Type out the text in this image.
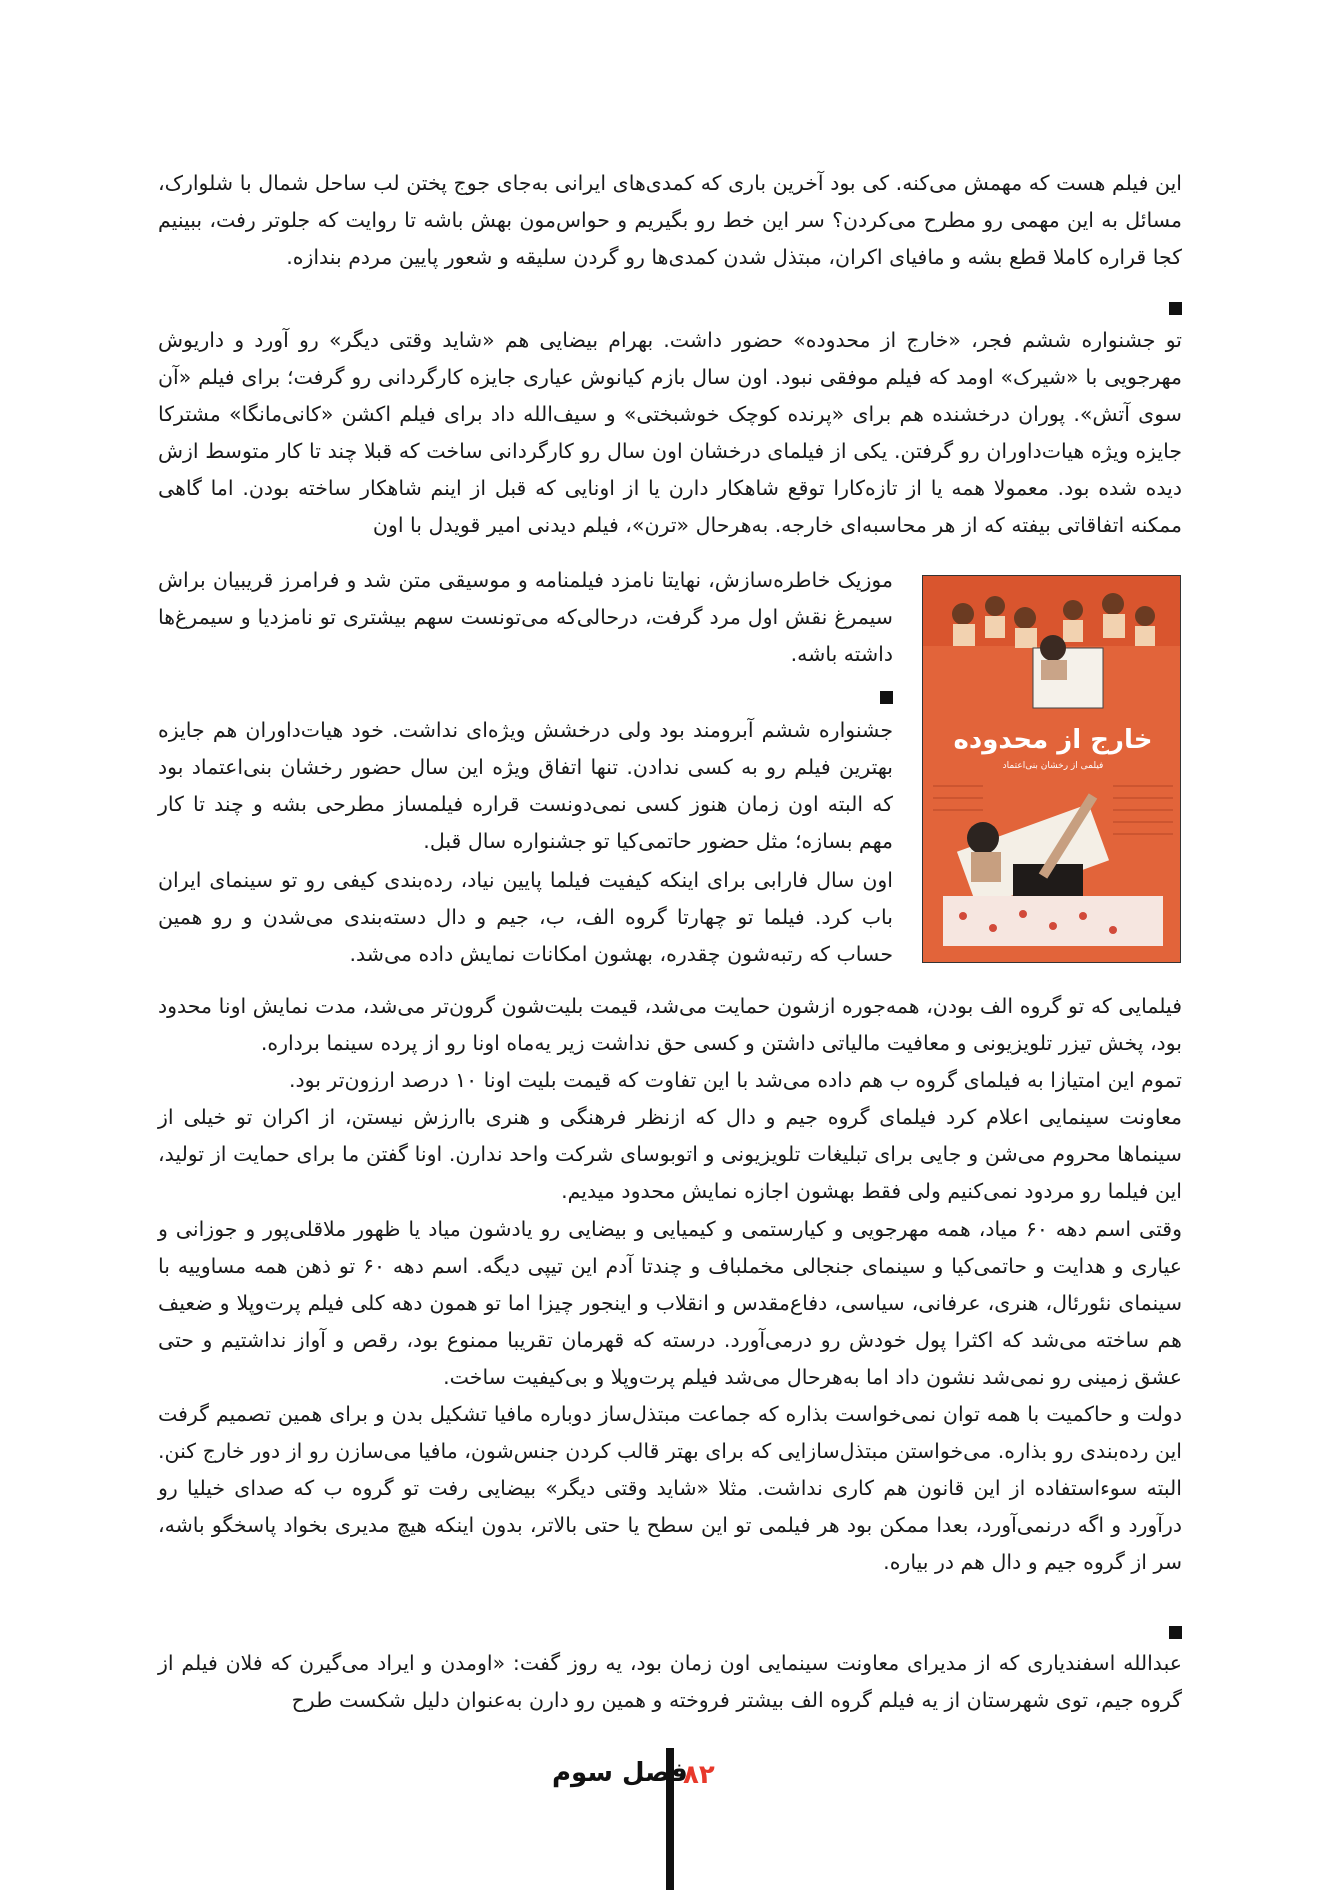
این فیلم هست که مهمش می‌کنه. کی بود آخرین باری که کمدی‌های ایرانی به‌جای جوج پختن لب ساحل شمال با شلوارک، مسائل به این مهمی رو مطرح می‌کردن؟ سر این خط رو بگیریم و حواس‌مون بهش باشه تا روایت که جلوتر رفت، ببینیم کجا قراره کاملا قطع بشه و مافیای اکران، مبتذل شدن کمدی‌ها رو گردن سلیقه و شعور پایین مردم بندازه.

تو جشنواره ششم فجر، «خارج از محدوده» حضور داشت. بهرام بیضایی هم «شاید وقتی دیگر» رو آورد و داریوش مهرجویی با «شیرک» اومد که فیلم موفقی نبود. اون سال بازم کیانوش عیاری جایزه کارگردانی رو گرفت؛ برای فیلم «آن سوی آتش». پوران درخشنده هم برای «پرنده کوچک خوشبختی» و سیف‌الله داد برای فیلم اکشن «کانی‌مانگا» مشترکا جایزه ویژه هیات‌داوران رو گرفتن. یکی از فیلمای درخشان اون سال رو کارگردانی ساخت که قبلا چند تا کار متوسط ازش دیده شده بود. معمولا همه یا از تازه‌کارا توقع شاهکار دارن یا از اونایی که قبل از اینم شاهکار ساخته بودن. اما گاهی ممکنه اتفاقاتی بیفته که از هر محاسبه‌ای خارجه. به‌هرحال «ترن»، فیلم دیدنی امیر قویدل با اون

موزیک خاطره‌سازش، نهایتا نامزد فیلمنامه و موسیقی متن شد و فرامرز قریبیان براش سیمرغ نقش اول مرد گرفت، درحالی‌که می‌تونست سهم بیشتری تو نامزدیا و سیمرغ‌ها داشته باشه.

جشنواره ششم آبرومند بود ولی درخشش ویژه‌ای نداشت. خود هیات‌داوران هم جایزه بهترین فیلم رو به کسی ندادن. تنها اتفاق ویژه این سال حضور رخشان بنی‌اعتماد بود که البته اون زمان هنوز کسی نمی‌دونست قراره فیلمساز مطرحی بشه و چند تا کار مهم بسازه؛ مثل حضور حاتمی‌کیا تو جشنواره سال قبل.

اون سال فارابی برای اینکه کیفیت فیلما پایین نیاد، رده‌بندی کیفی رو تو سینمای ایران باب کرد. فیلما تو چهارتا گروه الف، ب، جیم و دال دسته‌بندی می‌شدن و رو همین حساب که رتبه‌شون چقدره، بهشون امکانات نمایش داده می‌شد.

فیلمایی که تو گروه الف بودن، همه‌جوره ازشون حمایت می‌شد، قیمت بلیت‌شون گرون‌تر می‌شد، مدت نمایش اونا محدود بود، پخش تیزر تلویزیونی و معافیت مالیاتی داشتن و کسی حق نداشت زیر یه‌ماه اونا رو از پرده سینما برداره.

تموم این امتیازا به فیلمای گروه ب هم داده می‌شد با این تفاوت که قیمت بلیت اونا ۱۰ درصد ارزون‌تر بود.

معاونت سینمایی اعلام کرد فیلمای گروه جیم و دال که ازنظر فرهنگی و هنری باارزش نیستن، از اکران تو خیلی از سینماها محروم می‌شن و جایی برای تبلیغات تلویزیونی و اتوبوسای شرکت واحد ندارن. اونا گفتن ما برای حمایت از تولید، این فیلما رو مردود نمی‌کنیم ولی فقط بهشون اجازه نمایش محدود میدیم.

وقتی اسم دهه ۶۰ میاد، همه مهرجویی و کیارستمی و کیمیایی و بیضایی رو یادشون میاد یا ظهور ملاقلی‌پور و جوزانی و عیاری و هدایت و حاتمی‌کیا و سینمای جنجالی مخملباف و چندتا آدم این تیپی دیگه. اسم دهه ۶۰ تو ذهن همه مساوییه با سینمای نئورئال، هنری، عرفانی، سیاسی، دفاع‌مقدس و انقلاب و اینجور چیزا اما تو همون دهه کلی فیلم پرت‌وپلا و ضعیف هم ساخته می‌شد که اکثرا پول خودش رو درمی‌آورد. درسته که قهرمان تقریبا ممنوع بود، رقص و آواز نداشتیم و حتی عشق زمینی رو نمی‌شد نشون داد اما به‌هرحال می‌شد فیلم پرت‌وپلا و بی‌کیفیت ساخت.

دولت و حاکمیت با همه توان نمی‌خواست بذاره که جماعت مبتذل‌ساز دوباره مافیا تشکیل بدن و برای همین تصمیم گرفت این رده‌بندی رو بذاره. می‌خواستن مبتذل‌سازایی که برای بهتر قالب کردن جنس‌شون، مافیا می‌سازن رو از دور خارج کنن. البته سوءاستفاده از این قانون هم کاری نداشت. مثلا «شاید وقتی دیگر» بیضایی رفت تو گروه ب که صدای خیلیا رو درآورد و اگه درنمی‌آورد، بعدا ممکن بود هر فیلمی تو این سطح یا حتی بالاتر، بدون اینکه هیچ مدیری بخواد پاسخگو باشه، سر از گروه جیم و دال هم در بیاره.

عبدالله اسفندیاری که از مدیرای معاونت سینمایی اون زمان بود، یه روز گفت: «اومدن و ایراد می‌گیرن که فلان فیلم از گروه جیم، توی شهرستان از یه فیلم گروه الف بیشتر فروخته و همین رو دارن به‌عنوان دلیل شکست طرح

خارج از محدوده
فیلمی از رخشان بنی‌اعتماد
۸۲
فصل سوم
